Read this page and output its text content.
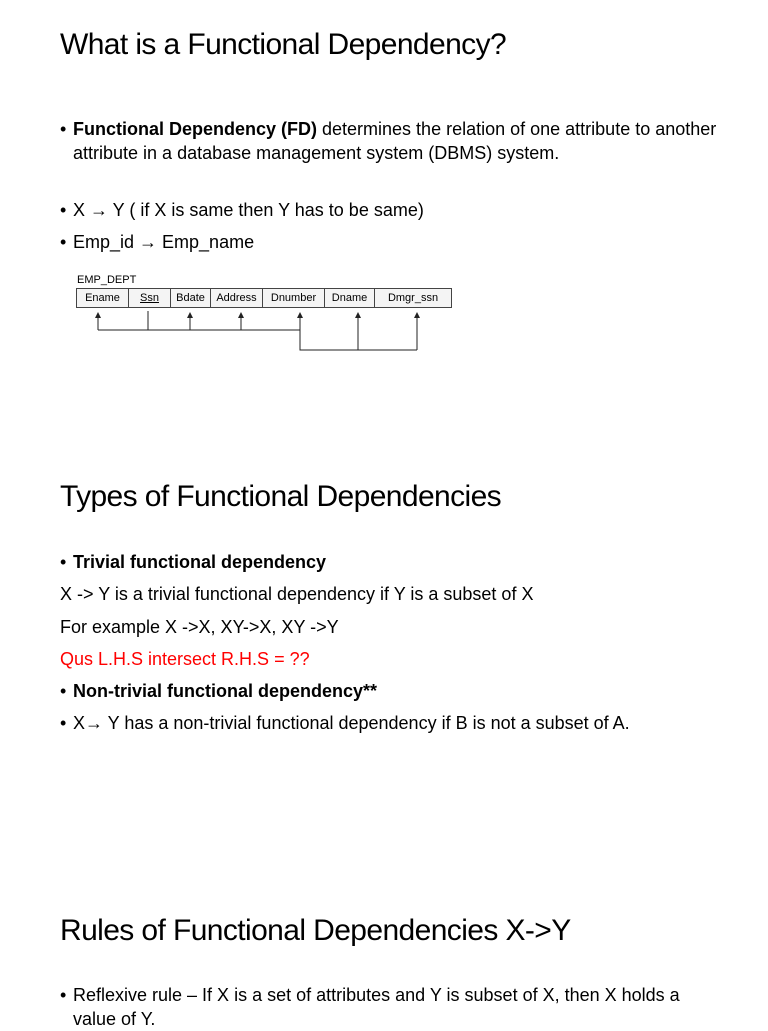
What is a Functional Dependency?
• Functional Dependency (FD) determines the relation of one attribute to another attribute in a database management system (DBMS) system.
• X → Y ( if X is same then Y has to be same)
• Emp_id → Emp_name
EMP_DEPT
Ename	Ssn	Bdate	Address	Dnumber	Dname	Dmgr_ssn
Types of Functional Dependencies
• Trivial functional dependency
X -> Y is a trivial functional dependency if Y is a subset of X
For example X ->X, XY->X, XY ->Y
Qus L.H.S intersect R.H.S = ??
• Non-trivial functional dependency**
• X→ Y has a non-trivial functional dependency if B is not a subset of A.
Rules of Functional Dependencies X->Y
• Reflexive rule – If X is a set of attributes and Y is subset of X, then X holds a value of Y.
